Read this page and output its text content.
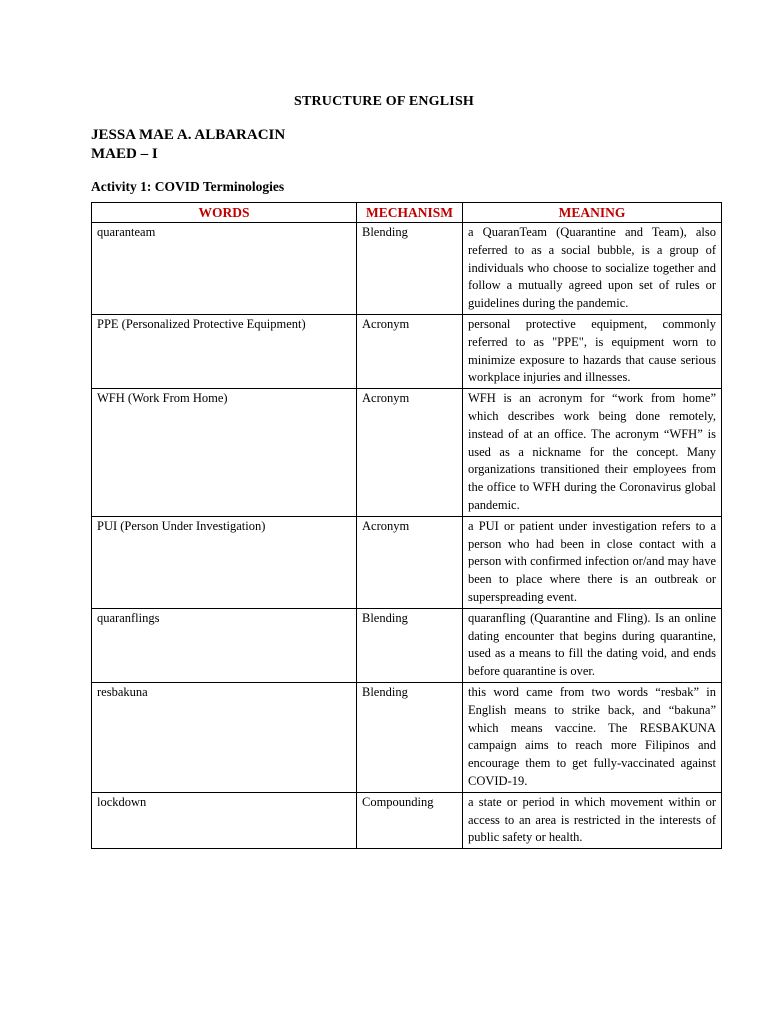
STRUCTURE OF ENGLISH
JESSA MAE A. ALBARACIN
MAED – I
Activity 1: COVID Terminologies
WORDS	MECHANISM	MEANING
quaranteam	Blending	a QuaranTeam (Quarantine and Team), also referred to as a social bubble, is a group of individuals who choose to socialize together and follow a mutually agreed upon set of rules or guidelines during the pandemic.
PPE (Personalized Protective Equipment)	Acronym	personal protective equipment, commonly referred to as "PPE", is equipment worn to minimize exposure to hazards that cause serious workplace injuries and illnesses.
WFH (Work From Home)	Acronym	WFH is an acronym for “work from home” which describes work being done remotely, instead of at an office. The acronym “WFH” is used as a nickname for the concept. Many organizations transitioned their employees from the office to WFH during the Coronavirus global pandemic.
PUI (Person Under Investigation)	Acronym	a PUI or patient under investigation refers to a person who had been in close contact with a person with confirmed infection or/and may have been to place where there is an outbreak or superspreading event.
quaranflings	Blending	quaranfling (Quarantine and Fling). Is an online dating encounter that begins during quarantine, used as a means to fill the dating void, and ends before quarantine is over.
resbakuna	Blending	this word came from two words “resbak” in English means to strike back, and “bakuna” which means vaccine. The RESBAKUNA campaign aims to reach more Filipinos and encourage them to get fully-vaccinated against COVID-19.
lockdown	Compounding	a state or period in which movement within or access to an area is restricted in the interests of public safety or health.
